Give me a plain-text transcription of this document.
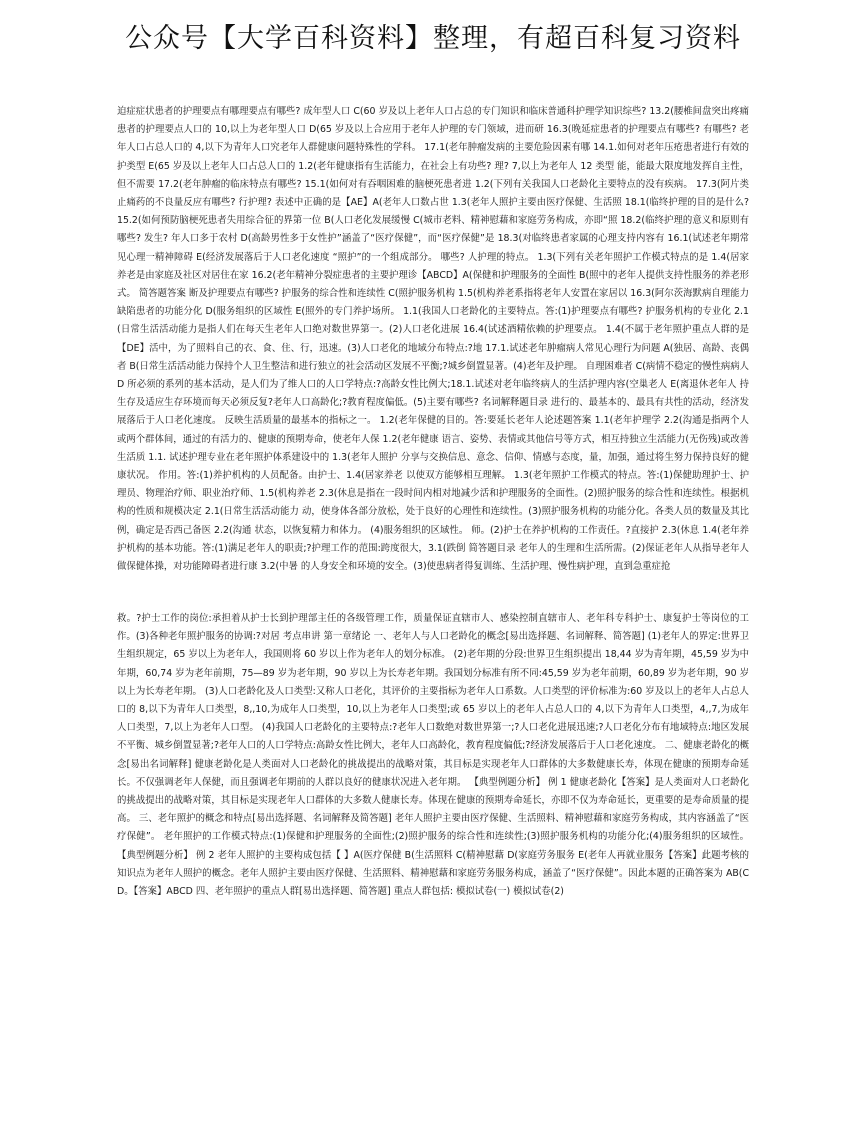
公众号【大学百科资料】整理，有超百科复习资料

迫症症状患者的护理要点有哪理要点有哪些? 成年型人口 C(60 岁及以上老年人口占总的专门知识和临床普通科护理学知识综些? 13.2(腰椎间盘突出疼痛患者的护理要点人口的 10,以上为老年型人口 D(65 岁及以上合应用于老年人护理的专门领域，进而研 16.3(晚延症患者的护理要点有哪些? 有哪些? 老年人口占总人口的 4,以下为青年人口究老年人群健康问题特殊性的学科。 17.1(老年肿瘤发病的主要危险因素有哪 14.1.如何对老年压疮患者进行有效的护类型 E(65 岁及以上老年人口占总人口的 1.2(老年健康指有生活能力，在社会上有功些? 理? 7,以上为老年人 12 类型 能，能最大限度地发挥自主性，但不需要 17.2(老年肿瘤的临床特点有哪些? 15.1(如何对有吞咽困难的脑梗死患者进 1.2(下列有关我国人口老龄化主要特点的没有疾病。 17.3(阿片类止痛药的不良量反应有哪些? 行护理? 表述中正确的是【AE】A(老年人口数占世 1.3(老年人照护主要由医疗保健、生活照 18.1(临终护理的目的是什么? 15.2(如何预防脑梗死患者失用综合征的界第一位 B(人口老化发展缓慢 C(城市老料、精神慰藉和家庭劳务构成，亦即“照 18.2(临终护理的意义和原则有哪些? 发生? 年人口多于农村 D(高龄男性多于女性护”涵盖了“医疗保健”，而“医疗保健”是 18.3(对临终患者家属的心理支持内容有 16.1(试述老年期常见心理一精神障碍 E(经济发展落后于人口老化速度 “照护”的一个组成部分。 哪些? 人护理的特点。 1.3(下列有关老年照护工作模式特点的是 1.4(居家养老是由家庭及社区对居住在家 16.2(老年精神分裂症患者的主要护理诊【ABCD】A(保健和护理服务的全面性 B(照中的老年人提供支持性服务的养老形式。 简答题答案 断及护理要点有哪些? 护服务的综合性和连续性 C(照护服务机构 1.5(机构养老系指将老年人安置在家居以 16.3(阿尔茨海默病自理能力缺陷患者的功能分化 D(服务组织的区域性 E(照外的专门养护场所。 1.1(我国人口老龄化的主要特点。答:(1)护理要点有哪些? 护服务机构的专业化 2.1(日常生活活动能力是指人们在每天生老年人口绝对数世界第一。(2)人口老化进展 16.4(试述酒精依赖的护理要点。 1.4(不属于老年照护重点人群的是【DE】活中，为了照料自己的衣、食、住、行，迅速。(3)人口老化的地域分布特点:?地 17.1.试述老年肿瘤病人常见心理行为问题 A(独居、高龄、丧偶者 B(日常生活活动能力保持个人卫生整洁和进行独立的社会活动区发展不平衡;?城乡倒置显著。(4)老年及护理。 自理困难者 C(病情不稳定的慢性病病人 D 所必须的系列的基本活动，是人们为了维人口的人口学特点:?高龄女性比例大;18.1.试述对老年临终病人的生活护理内容(空巢老人 E(离退休老年人 持生存及适应生存环境而每天必须反复?老年人口高龄化;?教育程度偏低。(5)主要有哪些? 名词解释题目录 进行的、最基本的、最具有共性的活动，经济发展落后于人口老化速度。 反映生活质量的最基本的指标之一。 1.2(老年保健的目的。答:要延长老年人论述题答案 1.1(老年护理学 2.2(沟通是指两个人或两个群体间，通过的有活力的、健康的预期寿命，使老年人保 1.2(老年健康 语言、姿势、表情或其他信号等方式，相互持独立生活能力(无伤残)或改善生活质 1.1. 试述护理专业在老年照护体系建设中的 1.3(老年人照护 分享与交换信息、意念、信仰、情感与态度，量，加强，通过将生努力保持良好的健康状况。 作用。答:(1)养护机构的人员配备。由护士、1.4(居家养老 以使双方能够相互理解。 1.3(老年照护工作模式的特点。答:(1)保健助理护士、护理员、物理治疗师、职业治疗师、1.5(机构养老 2.3(休息是指在一段时间内相对地减少活和护理服务的全面性。(2)照护服务的综合性和连续性。根据机构的性质和规模决定 2.1(日常生活活动能力 动，使身体各部分放松，处于良好的心理性和连续性。(3)照护服务机构的功能分化。各类人员的数量及其比例，确定是否西己备医 2.2(沟通 状态，以恢复精力和体力。 (4)服务组织的区域性。 师。(2)护士在养护机构的工作责任。?直接护 2.3(休息 1.4(老年养护机构的基本功能。答:(1)满足老年人的职责;?护理工作的范围:跨度很大，3.1(跌倒 简答题目录 老年人的生理和生活所需。(2)保证老年人从指导老年人做保健体操，对功能障碍者进行康 3.2(中暑 的人身安全和环境的安全。(3)使患病者得复训练、生活护理、慢性病护理，直到急重症抢

救。?护士工作的岗位:承担着从护士长到护理部主任的各级管理工作，质量保证直辖市人、感染控制直辖市人、老年科专科护士、康复护士等岗位的工作。(3)各种老年照护服务的协调:?对居 考点串讲 第一章绪论 一、老年人与人口老龄化的概念[易出选择题、名词解释、简答题] (1)老年人的界定:世界卫生组织规定，65 岁以上为老年人，我国则将 60 岁以上作为老年人的划分标准。 (2)老年期的分段:世界卫生组织提出 18,44 岁为青年期，45,59 岁为中年期，60,74 岁为老年前期，75—89 岁为老年期，90 岁以上为长寿老年期。我国划分标准有所不同:45,59 岁为老年前期，60,89 岁为老年期，90 岁以上为长寿老年期。 (3)人口老龄化及人口类型:又称人口老化，其评价的主要指标为老年人口系数。人口类型的评价标准为:60 岁及以上的老年人占总人口的 8,以下为青年人口类型，8,,10,为成年人口类型，10,以上为老年人口类型;或 65 岁以上的老年人占总人口的 4,以下为青年人口类型，4,,7,为成年人口类型，7,以上为老年人口型。 (4)我国人口老龄化的主要特点:?老年人口数绝对数世界第一;?人口老化进展迅速;?人口老化分布有地域特点:地区发展不平衡、城乡倒置显著;?老年人口的人口学特点:高龄女性比例大，老年人口高龄化，教育程度偏低;?经济发展落后于人口老化速度。 二、健康老龄化的概念[易出名词解释] 健康老龄化是人类面对人口老龄化的挑战提出的战略对策，其目标是实现老年人口群体的大多数健康长寿，体现在健康的预期寿命延长。不仅强调老年人保健，而且强调老年期前的人群以良好的健康状况进入老年期。 【典型例题分析】 例 1 健康老龄化【答案】是人类面对人口老龄化的挑战提出的战略对策，其目标是实现老年人口群体的大多数人健康长寿。体现在健康的预期寿命延长，亦即不仅为寿命延长，更重要的是寿命质量的提高。 三、老年照护的概念和特点[易出选择题、名词解释及简答题] 老年人照护主要由医疗保健、生活照料、精神慰藉和家庭劳务构成，其内容涵盖了“医疗保健”。 老年照护的工作模式特点:(1)保健和护理服务的全面性;(2)照护服务的综合性和连续性;(3)照护服务机构的功能分化;(4)服务组织的区域性。 【典型例题分析】 例 2 老年人照护的主要构成包括【 】A(医疗保健 B(生活照料 C(精神慰藉 D(家庭劳务服务 E(老年人再就业服务【答案】此题考核的知识点为老年人照护的概念。老年人照护主要由医疗保健、生活照料、精神慰藉和家庭劳务服务构成，涵盖了“医疗保健”。因此本题的正确答案为 AB(CD。【答案】ABCD 四、老年照护的重点人群[易出选择题、简答题] 重点人群包括: 模拟试卷(一) 模拟试卷(2)
